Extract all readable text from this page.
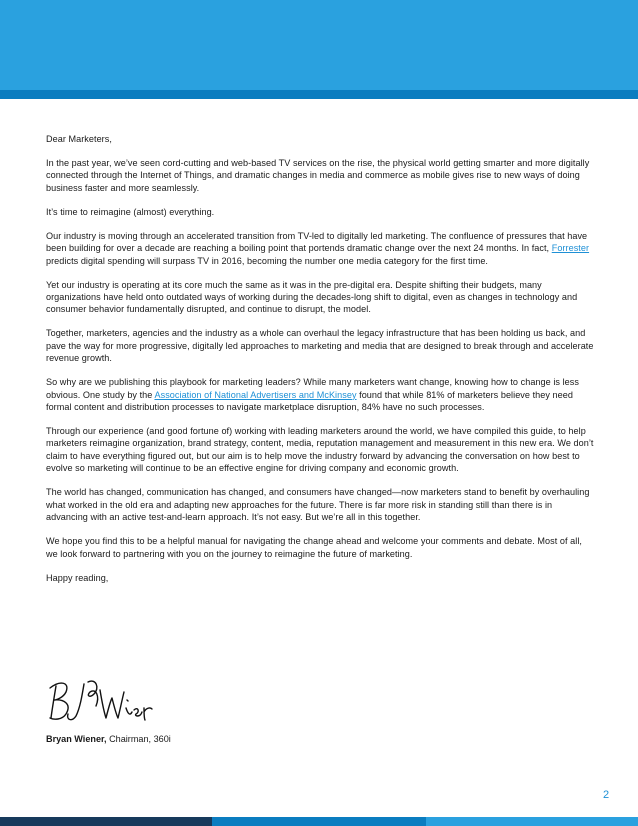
Dear Marketers,

In the past year, we’ve seen cord-cutting and web-based TV services on the rise, the physical world getting smarter and more digitally connected through the Internet of Things, and dramatic changes in media and commerce as mobile gives rise to new ways of doing business faster and more seamlessly.

It’s time to reimagine (almost) everything.

Our industry is moving through an accelerated transition from TV-led to digitally led marketing. The confluence of pressures that have been building for over a decade are reaching a boiling point that portends dramatic change over the next 24 months. In fact, Forrester predicts digital spending will surpass TV in 2016, becoming the number one media category for the first time.

Yet our industry is operating at its core much the same as it was in the pre-digital era. Despite shifting their budgets, many organizations have held onto outdated ways of working during the decades-long shift to digital, even as changes in technology and consumer behavior fundamentally disrupted, and continue to disrupt, the model.

Together, marketers, agencies and the industry as a whole can overhaul the legacy infrastructure that has been holding us back, and pave the way for more progressive, digitally led approaches to marketing and media that are designed to break through and accelerate revenue growth.

So why are we publishing this playbook for marketing leaders? While many marketers want change, knowing how to change is less obvious. One study by the Association of National Advertisers and McKinsey found that while 81% of marketers believe they need formal content and distribution processes to navigate marketplace disruption, 84% have no such processes.

Through our experience (and good fortune of) working with leading marketers around the world, we have compiled this guide, to help marketers reimagine organization, brand strategy, content, media, reputation management and measurement in this new era. We don’t claim to have everything figured out, but our aim is to help move the industry forward by advancing the conversation on how best to evolve so marketing will continue to be an effective engine for driving company and economic growth.

The world has changed, communication has changed, and consumers have changed—now marketers stand to benefit by overhauling what worked in the old era and adapting new approaches for the future. There is far more risk in standing still than there is in advancing with an active test-and-learn approach. It’s not easy. But we’re all in this together.

We hope you find this to be a helpful manual for navigating the change ahead and welcome your comments and debate. Most of all, we look forward to partnering with you on the journey to reimagine the future of marketing.

Happy reading,

Bryan Wiener, Chairman, 360i
2
